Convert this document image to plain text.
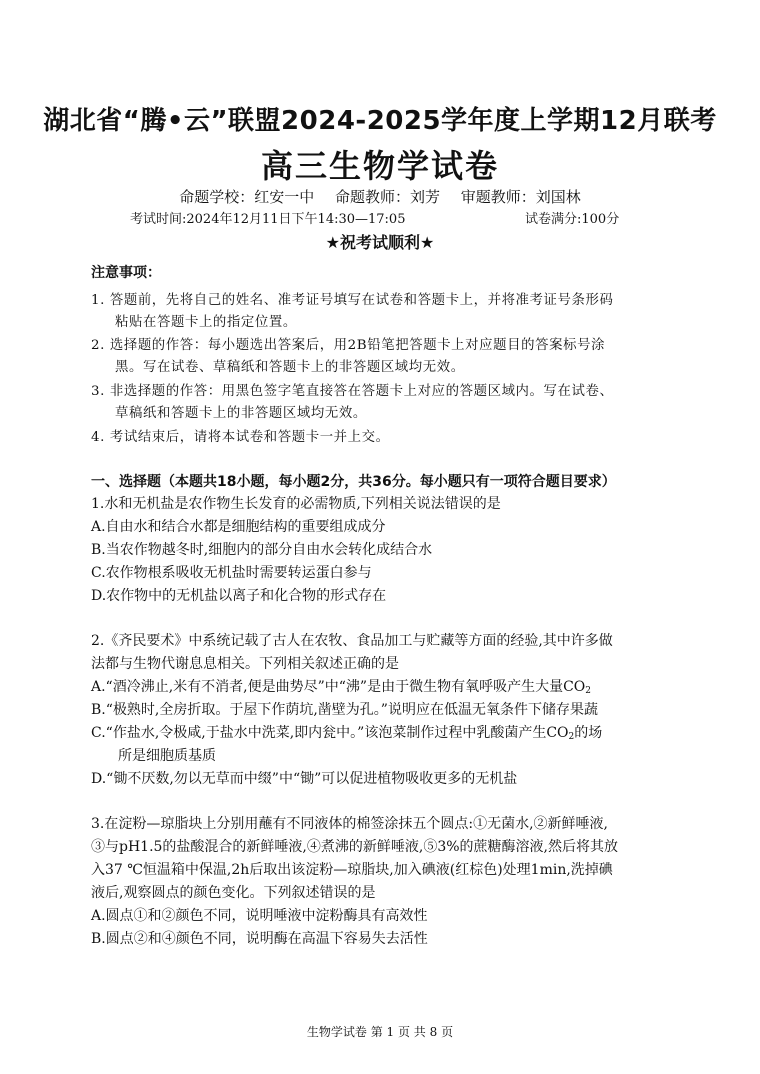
湖北省“腾•云”联盟2024-2025学年度上学期12月联考
高三生物学试卷
命题学校：红安一中 命题教师：刘芳 审题教师：刘国林
考试时间:2024年12月11日下午14:30—17:05	试卷满分:100分
★祝考试顺利★
注意事项：
1. 答题前，先将自己的姓名、准考证号填写在试卷和答题卡上，并将准考证号条形码
粘贴在答题卡上的指定位置。
2. 选择题的作答：每小题选出答案后，用2B铅笔把答题卡上对应题目的答案标号涂
黑。写在试卷、草稿纸和答题卡上的非答题区域均无效。
3. 非选择题的作答：用黑色签字笔直接答在答题卡上对应的答题区域内。写在试卷、
草稿纸和答题卡上的非答题区域均无效。
4. 考试结束后，请将本试卷和答题卡一并上交。
一、选择题（本题共18小题，每小题2分，共36分。每小题只有一项符合题目要求）
1.水和无机盐是农作物生长发育的必需物质,下列相关说法错误的是
A.自由水和结合水都是细胞结构的重要组成成分
B.当农作物越冬时,细胞内的部分自由水会转化成结合水
C.农作物根系吸收无机盐时需要转运蛋白参与
D.农作物中的无机盐以离子和化合物的形式存在
2.《齐民要术》中系统记载了古人在农牧、食品加工与贮藏等方面的经验,其中许多做
法都与生物代谢息息相关。下列相关叙述正确的是
A.“酒冷沸止,米有不消者,便是曲势尽”中“沸”是由于微生物有氧呼吸产生大量$CO_2$
B.“极熟时,全房折取。于屋下作荫坑,凿壁为孔。”说明应在低温无氧条件下储存果蔬
C.“作盐水,令极咸,于盐水中洗菜,即内瓮中。”该泡菜制作过程中乳酸菌产生$CO_2$的场
所是细胞质基质
D.“锄不厌数,勿以无草而中缀”中“锄”可以促进植物吸收更多的无机盐
3.在淀粉—琼脂块上分别用蘸有不同液体的棉签涂抹五个圆点:①无菌水,②新鲜唾液,
③与pH1.5的盐酸混合的新鲜唾液,④煮沸的新鲜唾液,⑤3%的蔗糖酶溶液,然后将其放
入37 ℃恒温箱中保温,2h后取出该淀粉—琼脂块,加入碘液(红棕色)处理1min,洗掉碘
液后,观察圆点的颜色变化。下列叙述错误的是
A.圆点①和②颜色不同，说明唾液中淀粉酶具有高效性
B.圆点②和④颜色不同，说明酶在高温下容易失去活性
生物学试卷 第 1 页 共 8 页
